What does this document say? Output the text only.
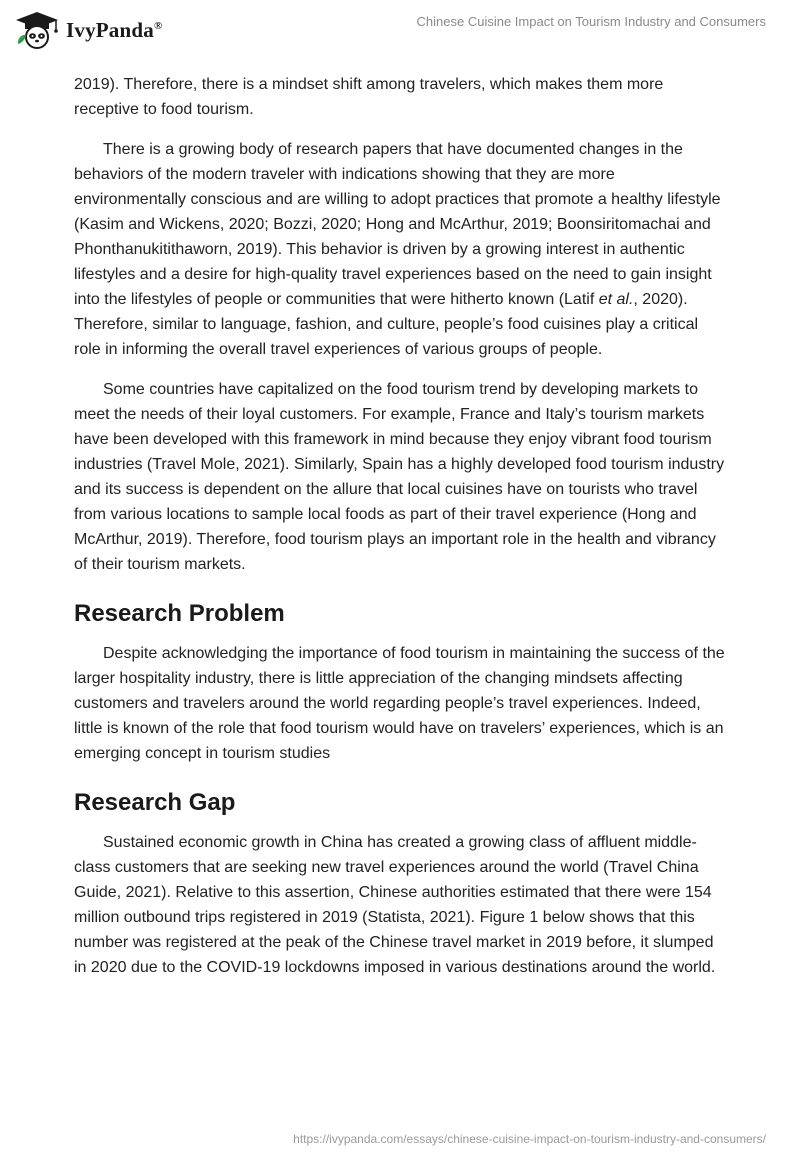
IvyPanda®	Chinese Cuisine Impact on Tourism Industry and Consumers

2019). Therefore, there is a mindset shift among travelers, which makes them more receptive to food tourism.

There is a growing body of research papers that have documented changes in the behaviors of the modern traveler with indications showing that they are more environmentally conscious and are willing to adopt practices that promote a healthy lifestyle (Kasim and Wickens, 2020; Bozzi, 2020; Hong and McArthur, 2019; Boonsiritomachai and Phonthanukitithaworn, 2019). This behavior is driven by a growing interest in authentic lifestyles and a desire for high-quality travel experiences based on the need to gain insight into the lifestyles of people or communities that were hitherto known (Latif et al., 2020). Therefore, similar to language, fashion, and culture, people’s food cuisines play a critical role in informing the overall travel experiences of various groups of people.

Some countries have capitalized on the food tourism trend by developing markets to meet the needs of their loyal customers. For example, France and Italy’s tourism markets have been developed with this framework in mind because they enjoy vibrant food tourism industries (Travel Mole, 2021). Similarly, Spain has a highly developed food tourism industry and its success is dependent on the allure that local cuisines have on tourists who travel from various locations to sample local foods as part of their travel experience (Hong and McArthur, 2019). Therefore, food tourism plays an important role in the health and vibrancy of their tourism markets.

Research Problem

Despite acknowledging the importance of food tourism in maintaining the success of the larger hospitality industry, there is little appreciation of the changing mindsets affecting customers and travelers around the world regarding people’s travel experiences. Indeed, little is known of the role that food tourism would have on travelers’ experiences, which is an emerging concept in tourism studies

Research Gap

Sustained economic growth in China has created a growing class of affluent middle-class customers that are seeking new travel experiences around the world (Travel China Guide, 2021). Relative to this assertion, Chinese authorities estimated that there were 154 million outbound trips registered in 2019 (Statista, 2021). Figure 1 below shows that this number was registered at the peak of the Chinese travel market in 2019 before, it slumped in 2020 due to the COVID-19 lockdowns imposed in various destinations around the world.

https://ivypanda.com/essays/chinese-cuisine-impact-on-tourism-industry-and-consumers/
